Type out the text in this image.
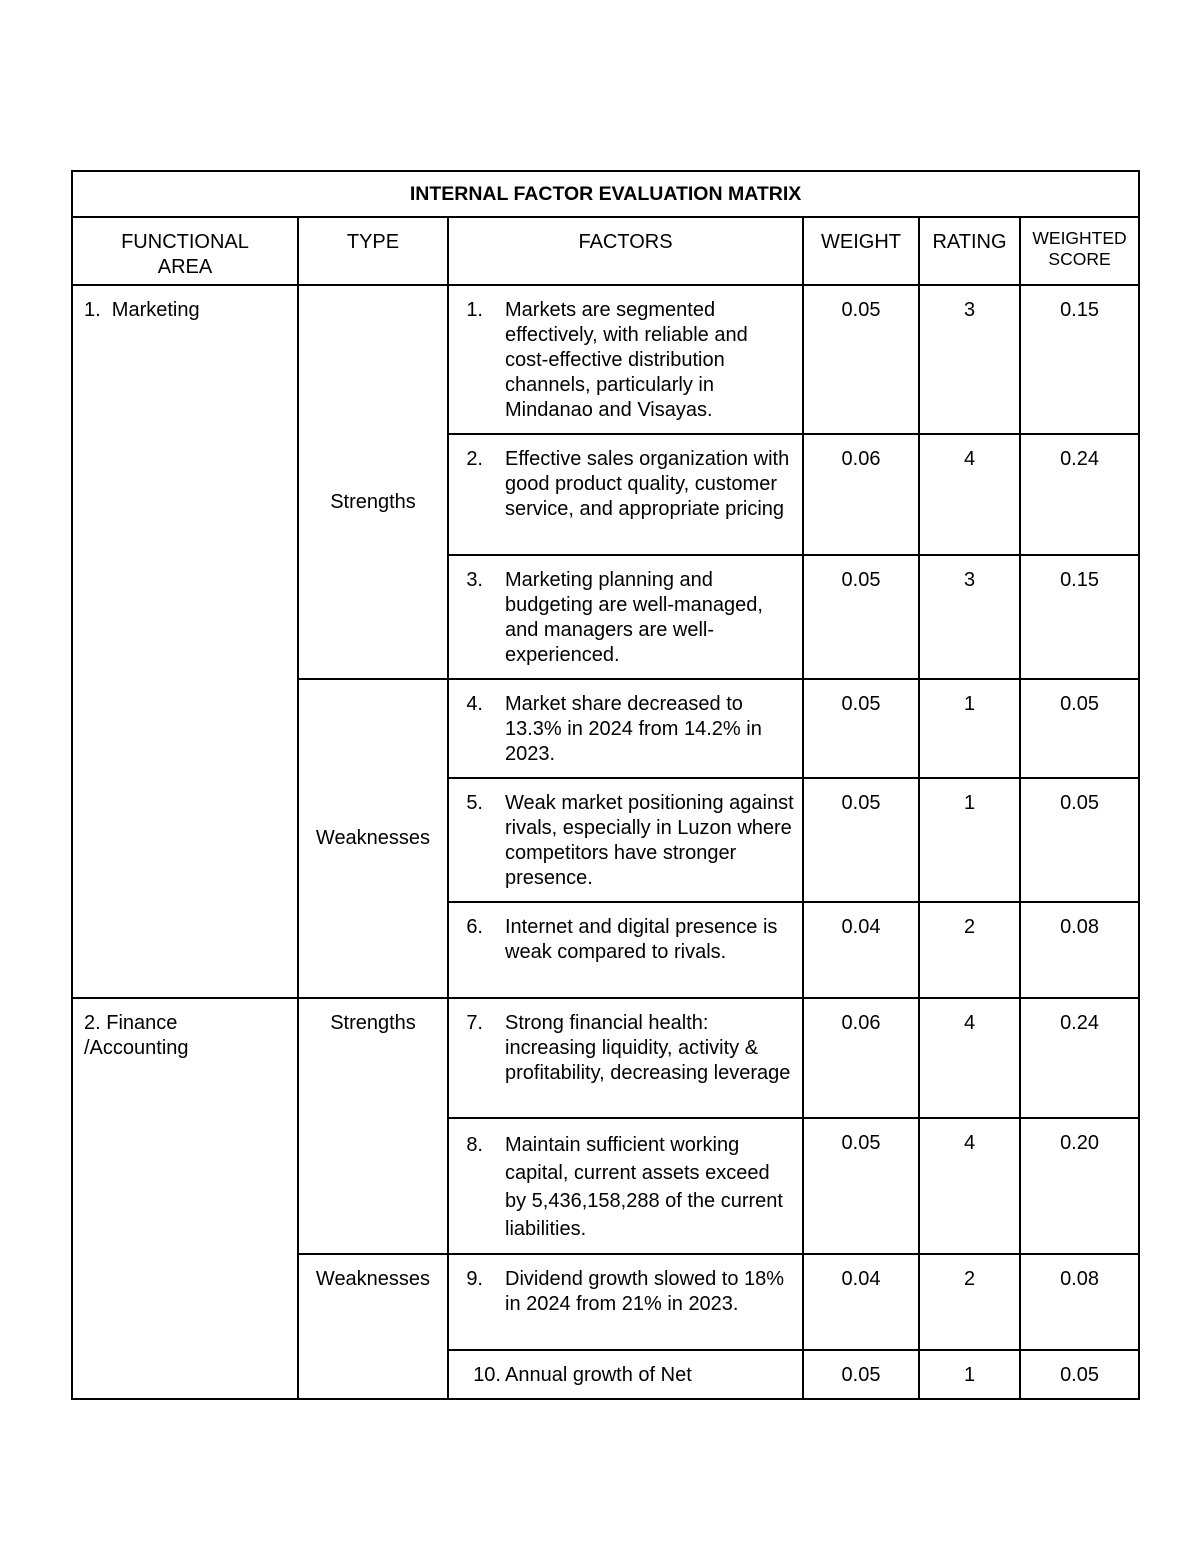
INTERNAL FACTOR EVALUATION MATRIX					

FUNCTIONAL AREA	TYPE	FACTORS	WEIGHT	RATING	WEIGHTED SCORE

1.  Marketing	Strengths	1. Markets are segmented effectively, with reliable and cost-effective distribution channels, particularly in Mindanao and Visayas.	0.05	3	0.15

		2. Effective sales organization with good product quality, customer service, and appropriate pricing	0.06	4	0.24

		3. Marketing planning and budgeting are well-managed, and managers are well-experienced.	0.05	3	0.15
	Weaknesses	4. Market share decreased to 13.3% in 2024 from 14.2% in 2023.	0.05	1	0.05

		5. Weak market positioning against rivals, especially in Luzon where competitors have stronger presence.	0.05	1	0.05

		6. Internet and digital presence is weak compared to rivals.	0.04	2	0.08

2. Finance /Accounting	Strengths	7. Strong financial health: increasing liquidity, activity & profitability, decreasing leverage	0.06	4	0.24

		8. Maintain sufficient working capital, current assets exceed by 5,436,158,288 of the current liabilities.	0.05	4	0.20
	Weaknesses	9. Dividend growth slowed to 18% in 2024 from 21% in 2023.	0.04	2	0.08

		10. Annual growth of Net	0.05	1	0.05
